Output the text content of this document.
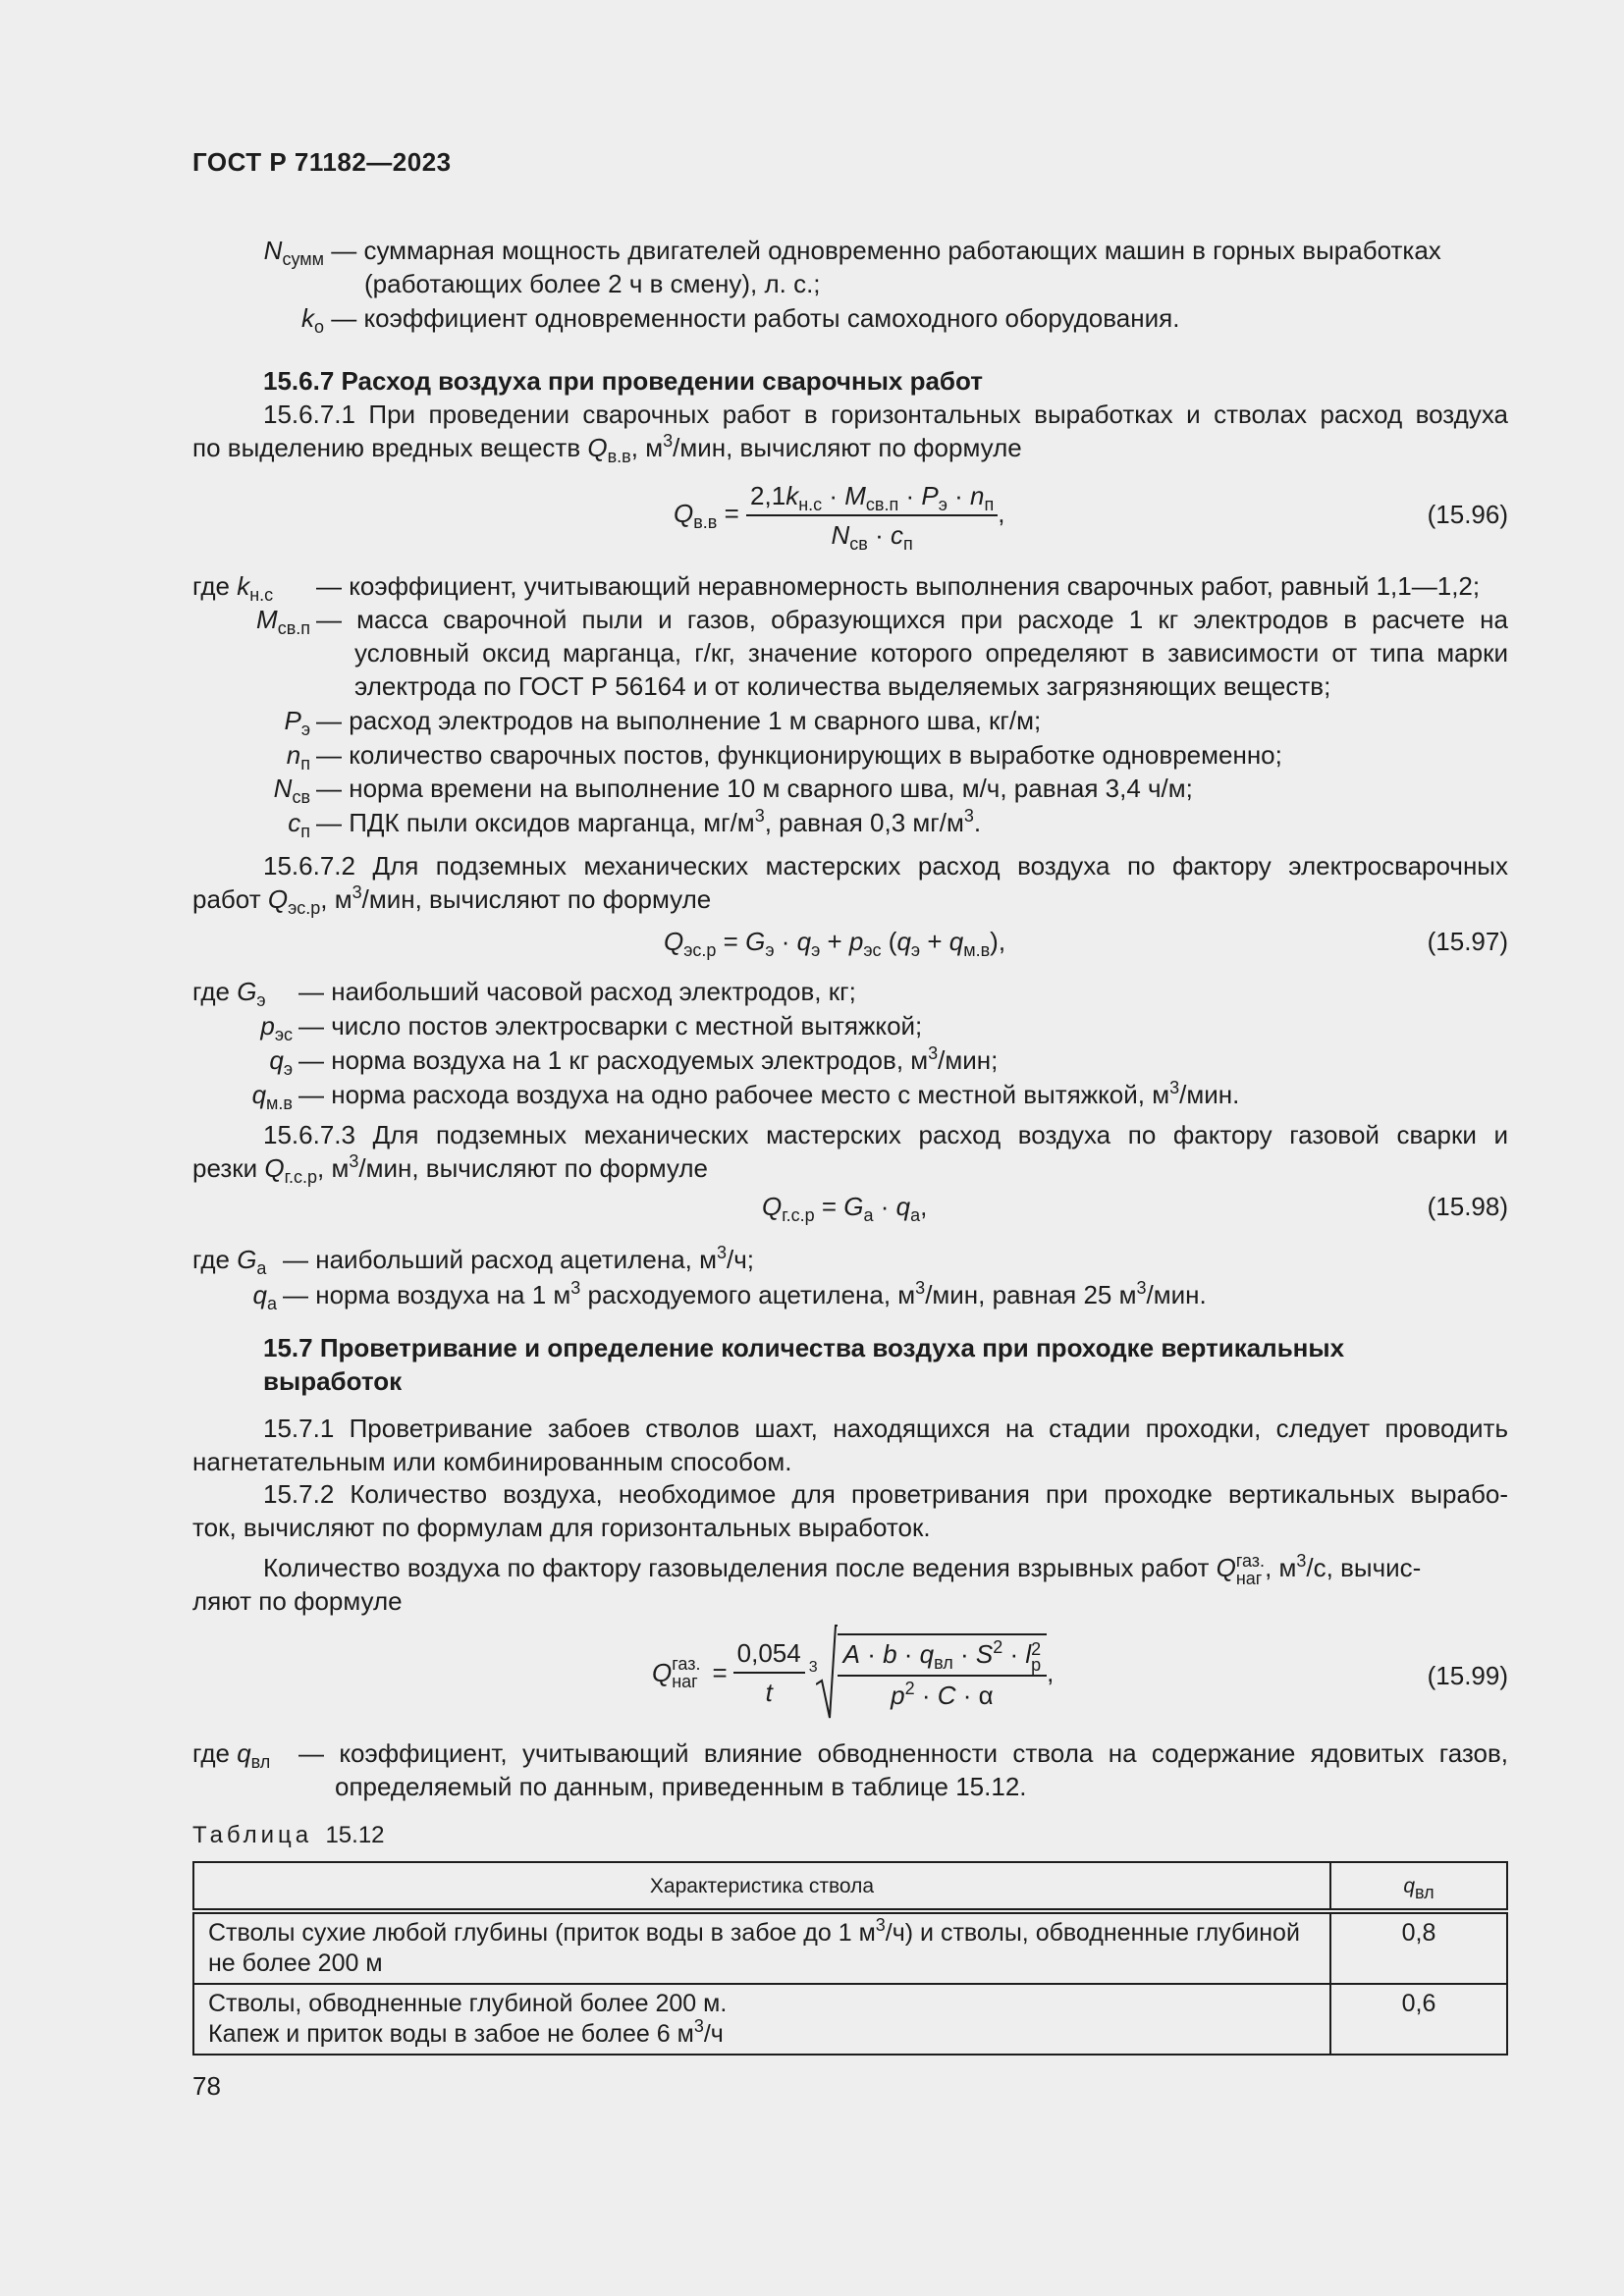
ГОСТ Р 71182—2023
$N_{сумм}$ — суммарная мощность двигателей одновременно работающих машин в горных выработках
(работающих более 2 ч в смену), л. с.;
$k_о$ — коэффициент одновременности работы самоходного оборудования.
15.6.7 Расход воздуха при проведении сварочных работ
15.6.7.1 При проведении сварочных работ в горизонтальных выработках и стволах расход воздуха
по выделению вредных веществ $Q_{в.в}$, $м^3$/мин, вычисляют по формуле
$Q_{в.в} = \frac{2,1k_{н.с} \cdot M_{св.п} \cdot P_э \cdot n_п}{N_{св} \cdot c_п}$ ,	(15.96)
где $k_{н.с}$ — коэффициент, учитывающий неравномерность выполнения сварочных работ, равный 1,1—1,2;
$M_{св.п}$ — масса сварочной пыли и газов, образующихся при расходе 1 кг электродов в расчете на
условный оксид марганца, г/кг, значение которого определяют в зависимости от типа марки
электрода по ГОСТ Р 56164 и от количества выделяемых загрязняющих веществ;
$P_э$ — расход электродов на выполнение 1 м сварного шва, кг/м;
$n_п$ — количество сварочных постов, функционирующих в выработке одновременно;
$N_{св}$ — норма времени на выполнение 10 м сварного шва, м/ч, равная 3,4 ч/м;
$c_п$ — ПДК пыли оксидов марганца, $мг/м^3$, равная 0,3 $мг/м^3$.
15.6.7.2 Для подземных механических мастерских расход воздуха по фактору электросварочных
работ $Q_{эс.р}$, $м^3$/мин, вычисляют по формуле
$Q_{эс.р} = G_э \cdot q_э + p_{эс}$ $(q_э + q_{м.в})$,	(15.97)
где $G_э$ — наибольший часовой расход электродов, кг;
$p_{эс}$ — число постов электросварки с местной вытяжкой;
$q_э$ — норма воздуха на 1 кг расходуемых электродов, $м^3$/мин;
$q_{м.в}$ — норма расхода воздуха на одно рабочее место с местной вытяжкой, $м^3$/мин.
15.6.7.3 Для подземных механических мастерских расход воздуха по фактору газовой сварки и
резки $Q_{г.с.р}$, $м^3$/мин, вычисляют по формуле
$Q_{г.с.р} = G_а \cdot q_а$,	(15.98)
где $G_а$ — наибольший расход ацетилена, $м^3/ч$;
$q_а$ — норма воздуха на 1 $м^3$ расходуемого ацетилена, $м^3$/мин, равная 25 $м^3$/мин.
15.7 Проветривание и определение количества воздуха при проходке вертикальных
выработок
15.7.1 Проветривание забоев стволов шахт, находящихся на стадии проходки, следует проводить
нагнетательным или комбинированным способом.
15.7.2 Количество воздуха, необходимое для проветривания при проходке вертикальных вырабо-
ток, вычисляют по формулам для горизонтальных выработок.
Количество воздуха по фактору газовыделения после ведения взрывных работ Q газ.
наг , $м^3/с$, вычис-
ляют по формуле
Q газ.
наг = $\frac{0,054}{t} 3$ $A \cdot b \cdot q_{вл} \cdot S^2 \cdot l$ 2
р
$p^2 \cdot C \cdot \alpha$
,	(15.99)
где $q_{вл}$ — коэффициент, учитывающий влияние обводненности ствола на содержание ядовитых газов,
определяемый по данным, приведенным в таблице 15.12.
Таблица 15.12
Характеристика ствола	$q_{вл}$
Стволы сухие любой глубины (приток воды в забое до 1 $м^3/ч$) и стволы, обводненные глубиной
не более 200 м	0,8
Стволы, обводненные глубиной более 200 м.
Капеж и приток воды в забое не более 6 $м^3/ч$	0,6
78
